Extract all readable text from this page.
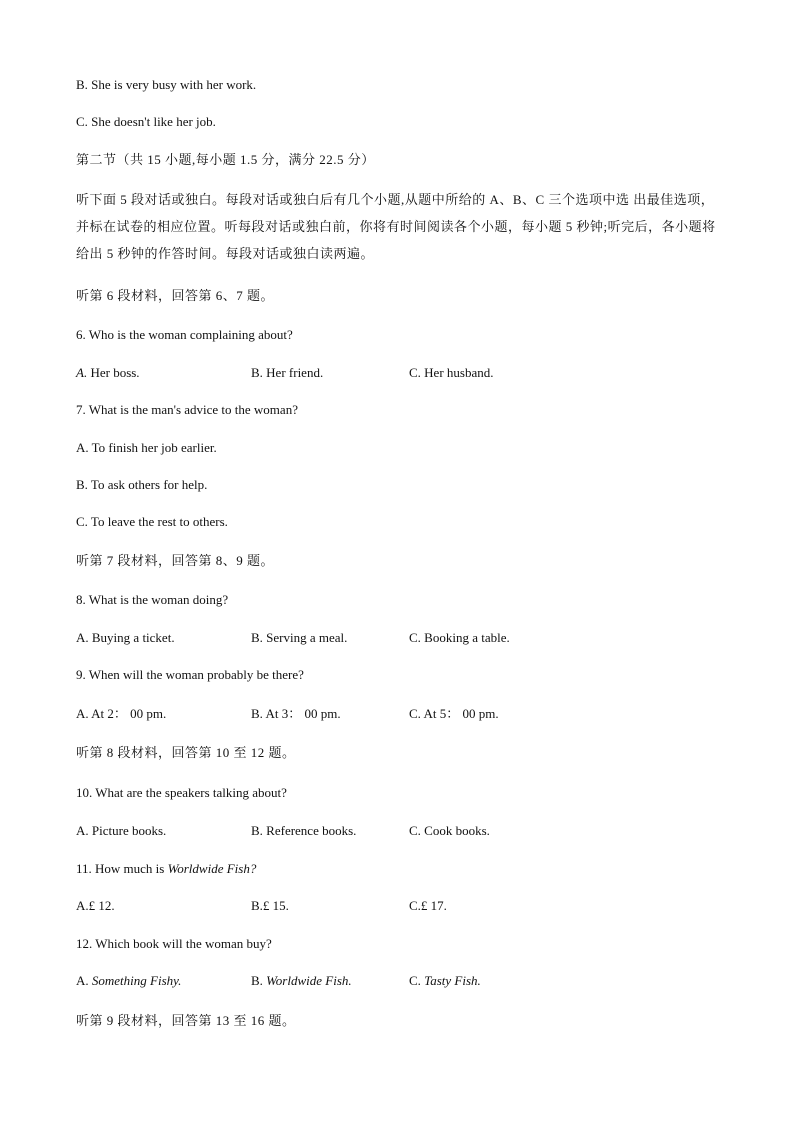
B. She is very busy with her work.
C. She doesn't like her job.
第二节（共 15 小题,每小题 1.5 分，满分 22.5 分）
听下面 5 段对话或独白。每段对话或独白后有几个小题,从题中所给的 A、B、C 三个选项中选 出最佳选项，并标在试卷的相应位置。听每段对话或独白前，你将有时间阅读各个小题，每小题 5 秒钟;听完后，各小题将给出 5 秒钟的作答时间。每段对话或独白读两遍。
听第 6 段材料，回答第 6、7 题。
6. Who is the woman complaining about?
A. Her boss.	B. Her friend.	C. Her husband.
7. What is the man's advice to the woman?
A. To finish her job earlier.
B. To ask others for help.
C. To leave the rest to others.
听第 7 段材料，回答第 8、9 题。
8. What is the woman doing?
A. Buying a ticket.	B. Serving a meal.	C. Booking a table.
9. When will the woman probably be there?
A. At 2： 00 pm.	B. At 3： 00 pm.	C. At 5： 00 pm.
听第 8 段材料，回答第 10 至 12 题。
10. What are the speakers talking about?
A. Picture books.	B. Reference books.	C. Cook books.
11. How much is Worldwide Fish?
A.£ 12.	B.£ 15.	C.£ 17.
12. Which book will the woman buy?
A. Something Fishy.	B. Worldwide Fish.	C. Tasty Fish.
听第 9 段材料，回答第 13 至 16 题。
